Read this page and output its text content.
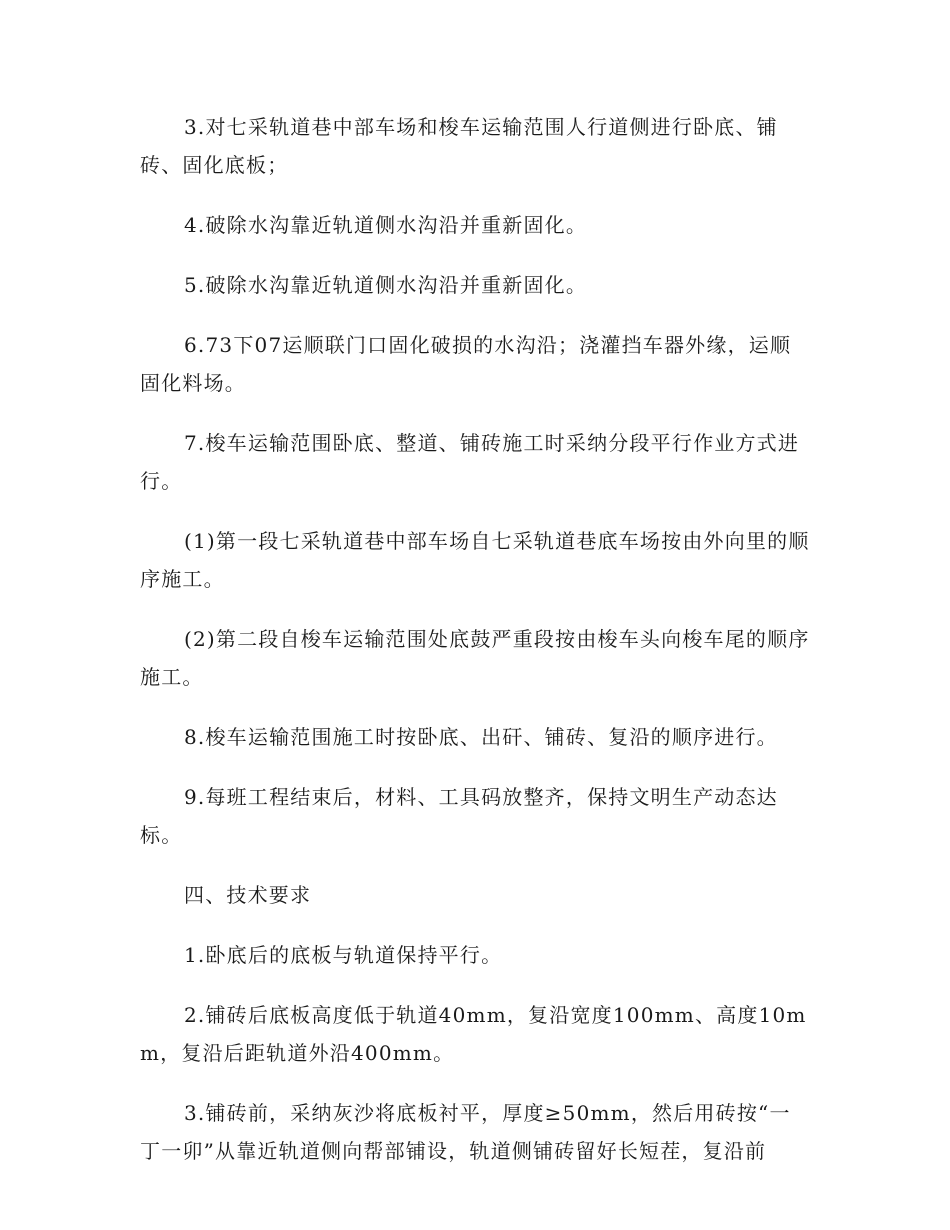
3.对七采轨道巷中部车场和梭车运输范围人行道侧进行卧底、铺砖、固化底板；

4.破除水沟靠近轨道侧水沟沿并重新固化。

5.破除水沟靠近轨道侧水沟沿并重新固化。

6.73下07运顺联门口固化破损的水沟沿；浇灌挡车器外缘，运顺固化料场。

7.梭车运输范围卧底、整道、铺砖施工时采纳分段平行作业方式进行。

(1)第一段七采轨道巷中部车场自七采轨道巷底车场按由外向里的顺序施工。

(2)第二段自梭车运输范围处底鼓严重段按由梭车头向梭车尾的顺序施工。

8.梭车运输范围施工时按卧底、出矸、铺砖、复沿的顺序进行。

9.每班工程结束后，材料、工具码放整齐，保持文明生产动态达标。

四、技术要求

1.卧底后的底板与轨道保持平行。

2.铺砖后底板高度低于轨道40mm，复沿宽度100mm、高度10mm，复沿后距轨道外沿400mm。

3.铺砖前，采纳灰沙将底板衬平，厚度≥50mm，然后用砖按“一丁一卯”从靠近轨道侧向帮部铺设，轨道侧铺砖留好长短茬，复沿前
